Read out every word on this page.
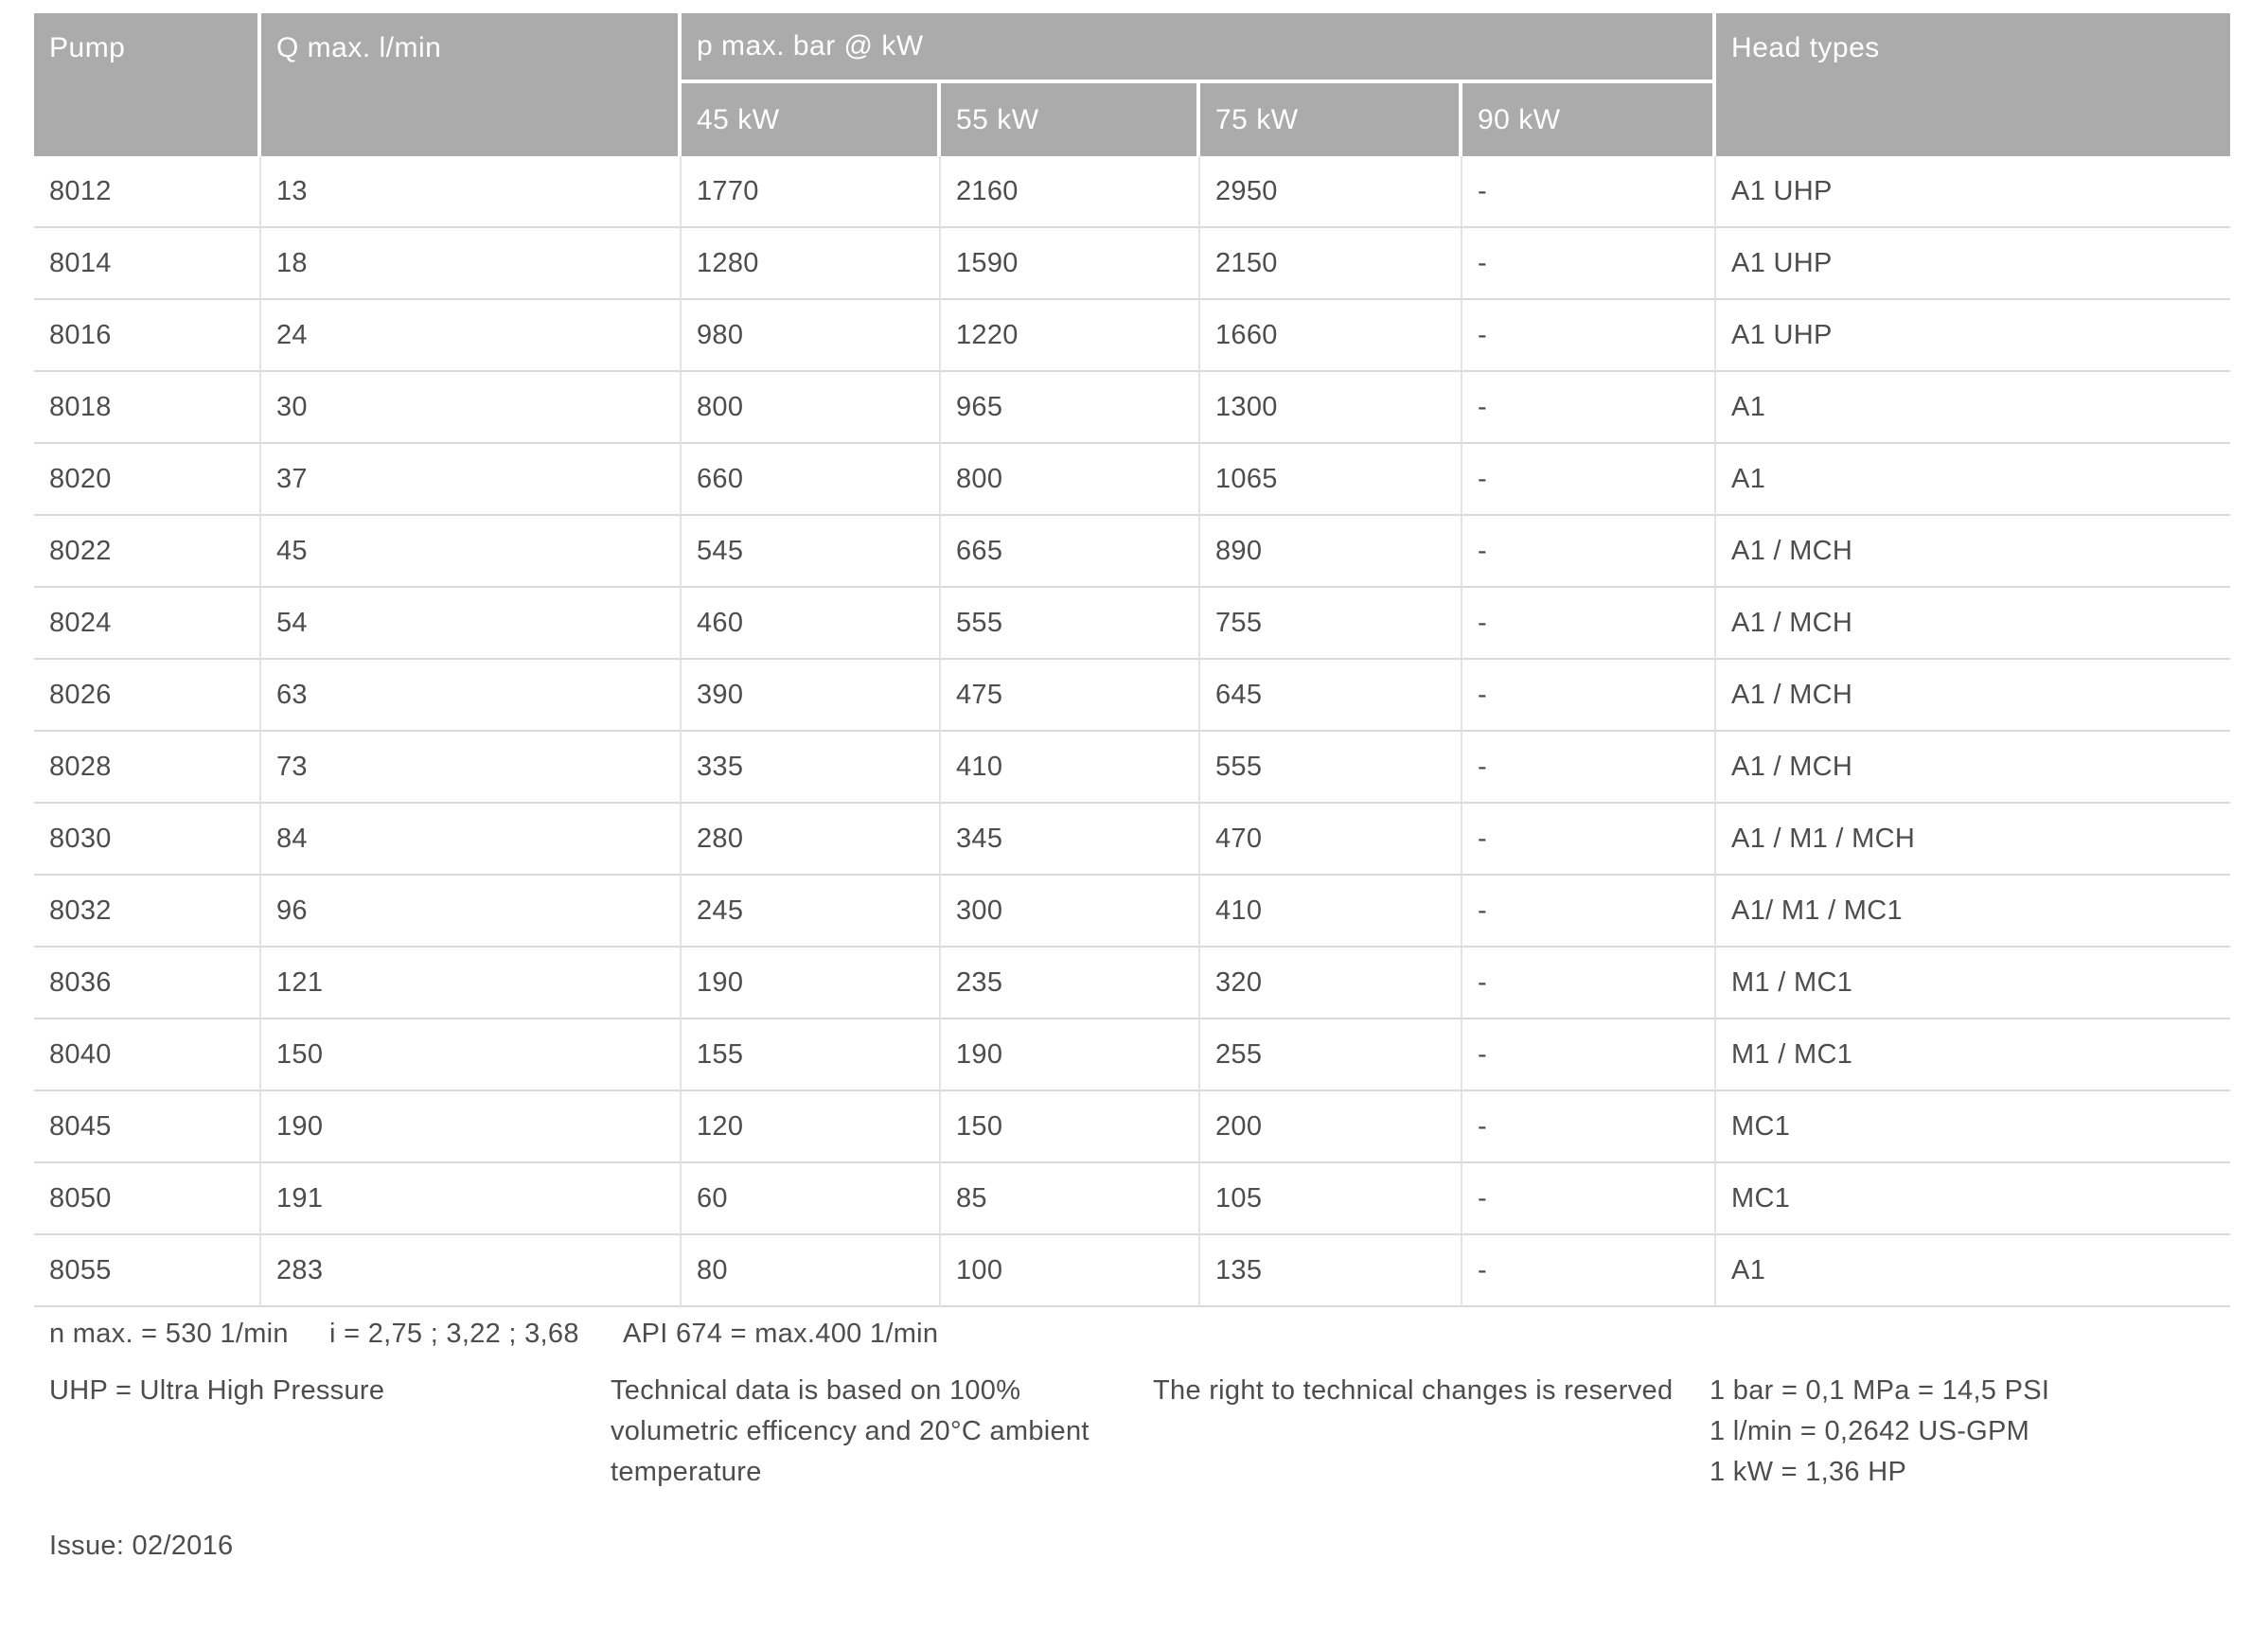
Pump	Q max. l/min	p max. bar @ kW				Head types
		45 kW	55 kW	75 kW	90 kW	
8012	13	1770	2160	2950	-	A1 UHP
8014	18	1280	1590	2150	-	A1 UHP
8016	24	980	1220	1660	-	A1 UHP
8018	30	800	965	1300	-	A1
8020	37	660	800	1065	-	A1
8022	45	545	665	890	-	A1 / MCH
8024	54	460	555	755	-	A1 / MCH
8026	63	390	475	645	-	A1 / MCH
8028	73	335	410	555	-	A1 / MCH
8030	84	280	345	470	-	A1 / M1 / MCH
8032	96	245	300	410	-	A1/ M1 / MC1
8036	121	190	235	320	-	M1 / MC1
8040	150	155	190	255	-	M1 / MC1
8045	190	120	150	200	-	MC1
8050	191	60	85	105	-	MC1
8055	283	80	100	135	-	A1
n max. = 530 1/min i = 2,75 ; 3,22 ; 3,68 API 674 = max.400 1/min
UHP = Ultra High Pressure	Technical data is based on 100%
volumetric efficency and 20°C ambient
temperature
The right to technical changes is reserved 1 bar = 0,1 MPa = 14,5 PSI
1 l/min = 0,2642 US-GPM
1 kW = 1,36 HP
Issue: 02/2016
